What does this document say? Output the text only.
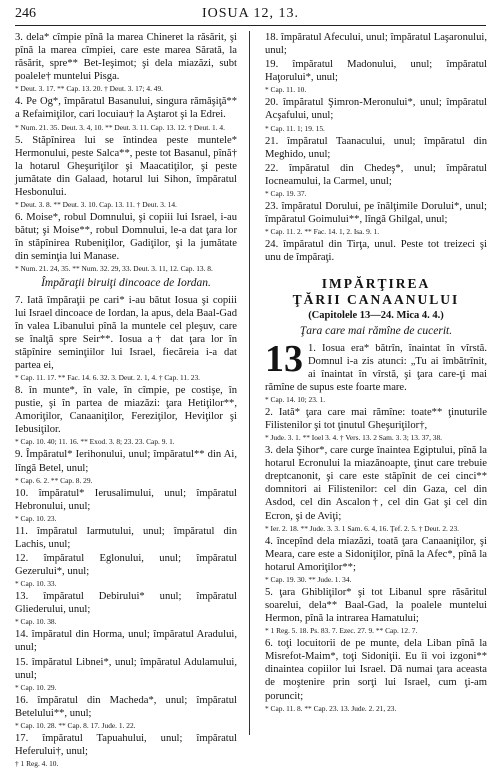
246	IOSUA 12, 13.

3. dela* cîmpie pînă la marea Chineret la răsărit, şi pînă la marea cîmpiei, care este marea Sărată, la răsărit, spre** Bet-Ieşimot; şi dela miazăzi, subt poalele† muntelui Pisga.

* Deut. 3. 17. ** Cap. 13. 20. † Deut. 3. 17; 4. 49.

4. Pe Og*, împăratul Basanului, singura rămăşiţă** a Refaimiţilor, cari locuiau† la Aştarot şi la Edrei.

* Num. 21. 35. Deut. 3. 4, 10. ** Deut. 3. 11. Cap. 13. 12. † Deut. 1. 4.

5. Stăpînirea lui se întindea peste muntele* Hermonului, peste Salca**, peste tot Basanul, pînă† la hotarul Gheşuriţilor şi Maacatiţilor, şi peste jumătate din Galaad, hotarul lui Sihon, împăratul Hesbonului.

* Deut. 3. 8. ** Deut. 3. 10. Cap. 13. 11. † Deut. 3. 14.

6. Moise*, robul Domnului, şi copiii lui Israel, i-au bătut; şi Moise**, robul Domnului, le-a dat ţara lor în stăpînirea Rubeniţilor, Gadiţilor, şi la jumătate din seminţia lui Manase.

* Num. 21. 24, 35. ** Num. 32. 29, 33. Deut. 3. 11, 12. Cap. 13. 8.

Împăraţii biruiţi dincoace de Iordan.

7. Iată împăraţii pe cari* i-au bătut Iosua şi copiii lui Israel dincoace de Iordan, la apus, dela Baal-Gad în valea Libanului pînă la muntele cel pleşuv, care se înalţă spre Seir**. Iosua a† dat ţara lor în stăpînire seminţiilor lui Israel, fiecăreia i-a dat partea ei,

* Cap. 11. 17. ** Fac. 14. 6. 32. 3. Deut. 2. 1, 4. † Cap. 11. 23.

8. în munte*, în vale, în cîmpie, pe costişe, în pustie, şi în partea de miazăzi: ţara Hetiţilor**, Amoriţilor, Canaaniţilor, Fereziţilor, Heviţilor şi Iebusiţilor.

* Cap. 10. 40; 11. 16. ** Exod. 3. 8; 23. 23. Cap. 9. 1.

9. Împăratul* Ierihonului, unul; împăratul** din Ai, lîngă Betel, unul;

* Cap. 6. 2. ** Cap. 8. 29.

10. împăratul* Ierusalimului, unul; împăratul Hebronului, unul;

* Cap. 10. 23.

11. împăratul Iarmutului, unul; împăratul din Lachis, unul;

12. împăratul Eglonului, unul; împăratul Gezerului*, unul;

* Cap. 10. 33.

13. împăratul Debirului* unul; împăratul Gliederului, unul;

* Cap. 10. 38.

14. împăratul din Horma, unul; împăratul Aradului, unul;

15. împăratul Libnei*, unul; împăratul Adulamului, unul;

* Cap. 10. 29.

16. împăratul din Macheda*, unul; împăratul Betelului**, unul;

* Cap. 10. 28. ** Cap. 8. 17. Jude. 1. 22.

17. împăratul Tapuahului, unul; împăratul Heferului†, unul;

† 1 Reg. 4. 10.

18. împăratul Afecului, unul; împăratul Laşaronului, unul;

19. împăratul Madonului, unul; împăratul Haţorului*, unul;

* Cap. 11. 10.

20. împăratul Şimron-Meronului*, unul; împăratul Acşafului, unul;

* Cap. 11. 1; 19. 15.

21. împăratul Taanacului, unul; împăratul din Meghido, unul;

22. împăratul din Chedeş*, unul; împăratul Iocneamului, la Carmel, unul;

* Cap. 19. 37.

23. împăratul Dorului, pe înălţimile Dorului*, unul; împăratul Goimului**, lîngă Ghilgal, unul;

* Cap. 11. 2. ** Fac. 14. 1, 2. Isa. 9. 1.

24. împăratul din Tirţa, unul. Peste tot treizeci şi unu de împăraţi.

IMPĂRŢIREA

ŢĂRII CANAANULUI

(Capitolele 13—24. Mica 4. 4.)

Ţara care mai rămîne de cucerit.

13 1. Iosua era* bătrîn, înaintat în vîrstă. Domnul i-a zis atunci: „Tu ai îmbătrînit, ai înaintat în vîrstă, şi ţara care-ţi mai rămîne de supus este foarte mare.

* Cap. 14. 10; 23. 1.

2. Iată* ţara care mai rămîne: toate** ţinuturile Filistenilor şi tot ţinutul Gheşuriţilor†,

* Jude. 3. 1. ** Ioel 3. 4. † Vers. 13. 2 Sam. 3. 3; 13. 37, 38.

3. dela Şihor*, care curge înaintea Egiptului, pînă la hotarul Ecronului la miazănoapte, ţinut care trebuie dreptcanonit, şi care este stăpînit de cei cinci** domnitori ai Filistenilor: cel din Gaza, cel din Asdod, cel din Ascalon†, cel din Gat şi cel din Ecron, şi de Aviţi;

* Ier. 2. 18. ** Jude. 3. 3. 1 Sam. 6. 4, 16. Ţef. 2. 5. † Deut. 2. 23.

4. începînd dela miazăzi, toată ţara Canaaniţilor, şi Meara, care este a Sidoniţilor, pînă la Afec*, pînă la hotarul Amoriţilor**;

* Cap. 19. 30. ** Jude. 1. 34.

5. ţara Ghibliţilor* şi tot Libanul spre răsăritul soarelui, dela** Baal-Gad, la poalele muntelui Hermon, pînă la intrarea Hamatului;

* 1 Reg. 5. 18. Ps. 83. 7. Ezec. 27. 9. ** Cap. 12. 7.

6. toţi locuitorii de pe munte, dela Liban pînă la Misrefot-Maim*, toţi Sidoniţii. Eu îi voi izgoni** dinaintea copiilor lui Israel. Dă numai ţara aceasta de moştenire prin sorţi lui Israel, cum ţi-am poruncit;

* Cap. 11. 8. ** Cap. 23. 13. Jude. 2. 21, 23.
